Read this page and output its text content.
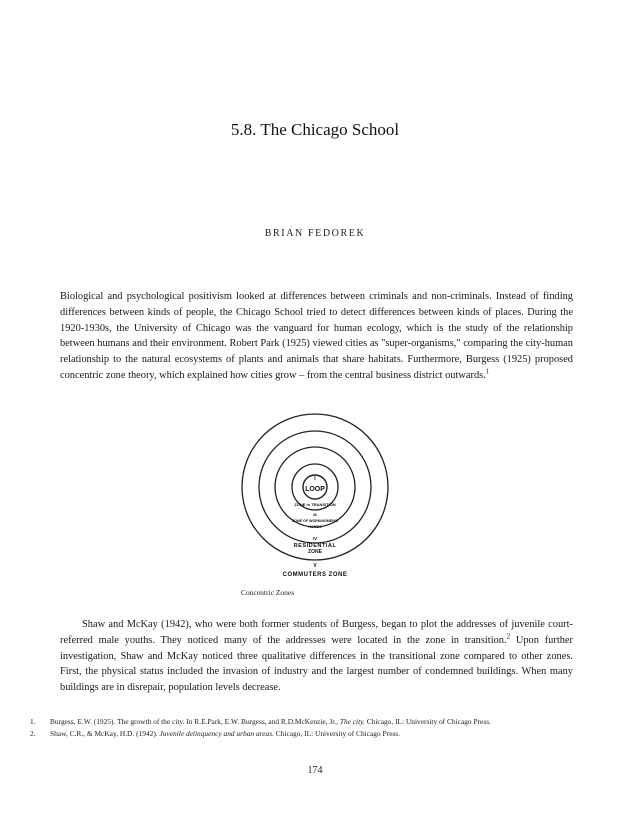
5.8. The Chicago School
BRIAN FEDOREK

Biological and psychological positivism looked at differences between criminals and non-criminals. Instead of finding differences between kinds of people, the Chicago School tried to detect differences between kinds of places. During the 1920-1930s, the University of Chicago was the vanguard for human ecology, which is the study of the relationship between humans and their environment. Robert Park (1925) viewed cities as "super-organisms," comparing the city-human relationship to the natural ecosystems of plants and animals that share habitats. Furthermore, Burgess (1925) proposed concentric zone theory, which explained how cities grow – from the central business district outwards.$^1$

I
LOOP
ZONE in TRANSITION
III
ZONE OF WORKINGMEN'S
HOMES
IV
RESIDENTIAL
ZONE
V
COMMUTERS ZONE
Concentric Zones

Shaw and McKay (1942), who were both former students of Burgess, began to plot the addresses of juvenile court-referred male youths. They noticed many of the addresses were located in the zone in transition.$^2$ Upon further investigation, Shaw and McKay noticed three qualitative differences in the transitional zone compared to other zones. First, the physical status included the invasion of industry and the largest number of condemned buildings. When many buildings are in disrepair, population levels decrease.

1. Burgess, E.W. (1925). The growth of the city. In R.E.Park, E.W. Burgess, and R.D.McKenzie, Jr., The city. Chicago, IL: University of Chicago Press.
2. Shaw, C.R., & McKay, H.D. (1942). Juvenile delinquency and urban areas. Chicago, IL: University of Chicago Press.
174
